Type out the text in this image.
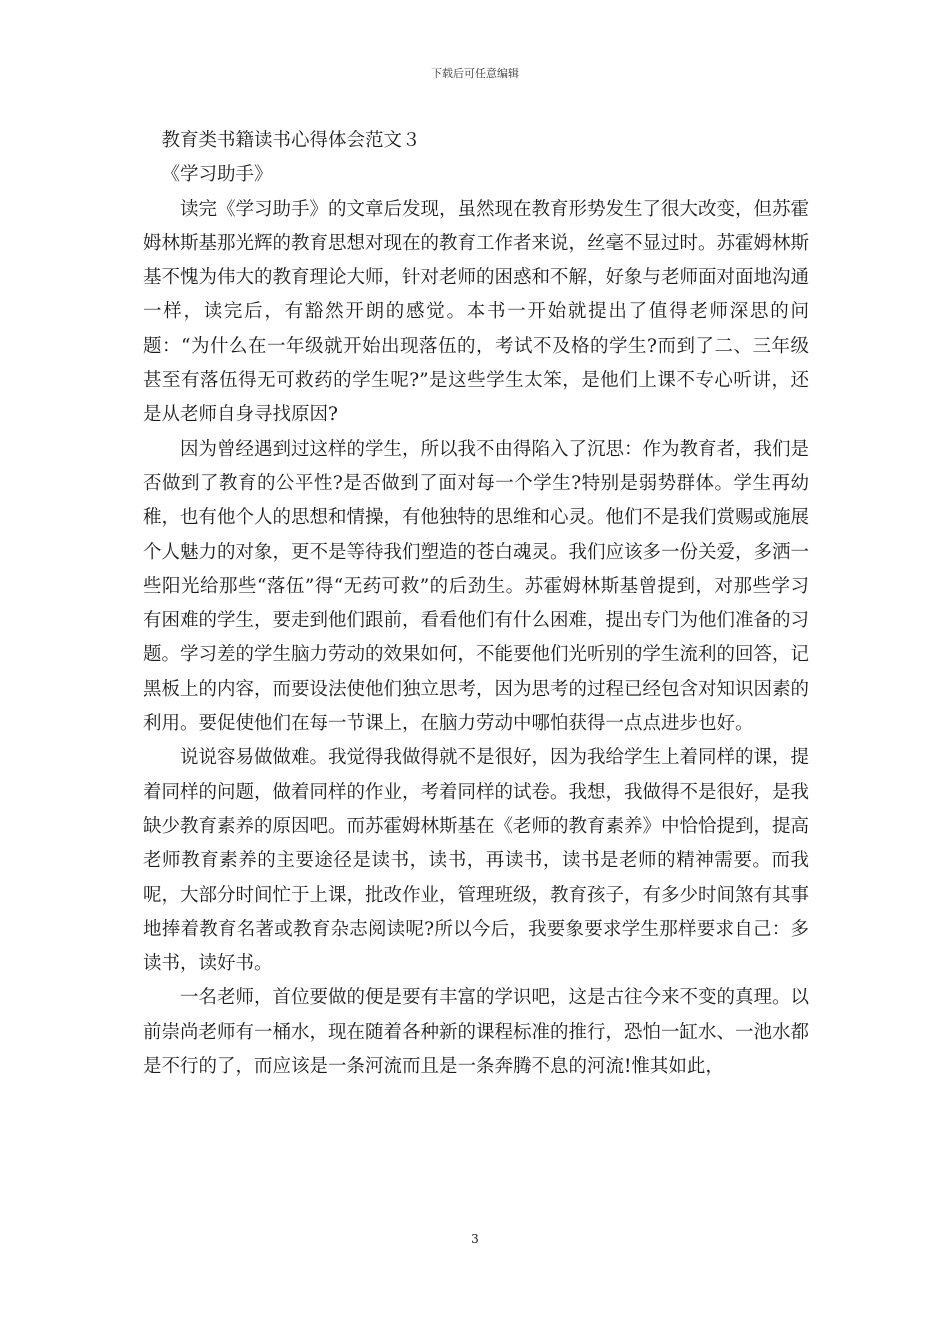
下载后可任意编辑

教育类书籍读书心得体会范文３

《学习助手》

读完《学习助手》的文章后发现，虽然现在教育形势发生了很大改变，但苏霍姆林斯基那光辉的教育思想对现在的教育工作者来说，丝毫不显过时。苏霍姆林斯基不愧为伟大的教育理论大师，针对老师的困惑和不解，好象与老师面对面地沟通一样，读完后，有豁然开朗的感觉。本书一开始就提出了值得老师深思的问题：“为什么在一年级就开始出现落伍的，考试不及格的学生?而到了二、三年级甚至有落伍得无可救药的学生呢?”是这些学生太笨，是他们上课不专心听讲，还是从老师自身寻找原因?

因为曾经遇到过这样的学生，所以我不由得陷入了沉思：作为教育者，我们是否做到了教育的公平性?是否做到了面对每一个学生?特别是弱势群体。学生再幼稚，也有他个人的思想和情操，有他独特的思维和心灵。他们不是我们赏赐或施展个人魅力的对象，更不是等待我们塑造的苍白魂灵。我们应该多一份关爱，多洒一些阳光给那些“落伍”得“无药可救”的后劲生。苏霍姆林斯基曾提到，对那些学习有困难的学生，要走到他们跟前，看看他们有什么困难，提出专门为他们准备的习题。学习差的学生脑力劳动的效果如何，不能要他们光听别的学生流利的回答，记黑板上的内容，而要设法使他们独立思考，因为思考的过程已经包含对知识因素的利用。要促使他们在每一节课上，在脑力劳动中哪怕获得一点点进步也好。

说说容易做做难。我觉得我做得就不是很好，因为我给学生上着同样的课，提着同样的问题，做着同样的作业，考着同样的试卷。我想，我做得不是很好，是我缺少教育素养的原因吧。而苏霍姆林斯基在《老师的教育素养》中恰恰提到，提高老师教育素养的主要途径是读书，读书，再读书，读书是老师的精神需要。而我呢，大部分时间忙于上课，批改作业，管理班级，教育孩子，有多少时间煞有其事地捧着教育名著或教育杂志阅读呢?所以今后，我要象要求学生那样要求自己：多读书，读好书。

一名老师，首位要做的便是要有丰富的学识吧，这是古往今来不变的真理。以前崇尚老师有一桶水，现在随着各种新的课程标准的推行，恐怕一缸水、一池水都是不行的了，而应该是一条河流而且是一条奔腾不息的河流!惟其如此，

3
